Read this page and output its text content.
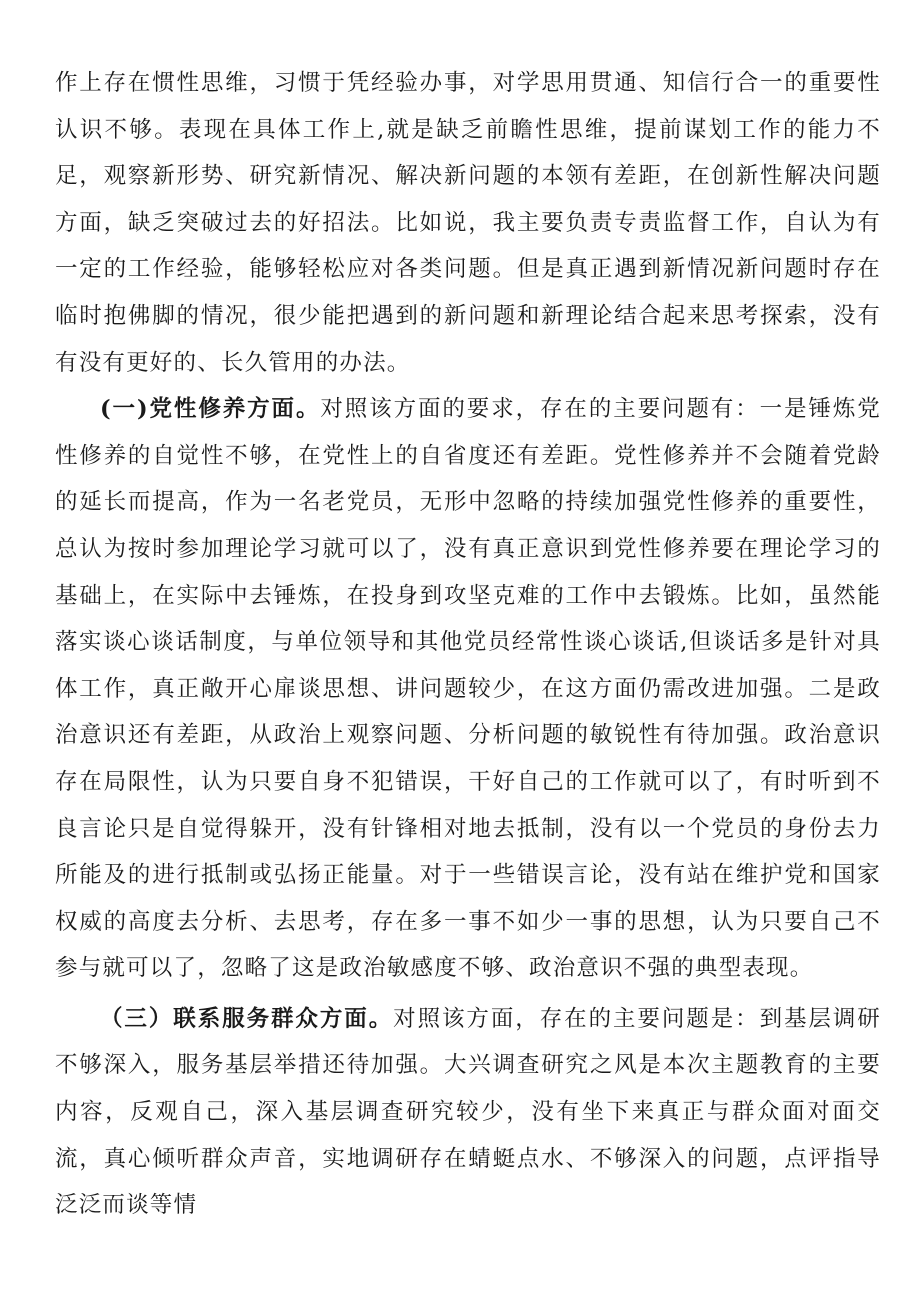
作上存在惯性思维，习惯于凭经验办事，对学思用贯通、知信行合一的重要性认识不够。表现在具体工作上,就是缺乏前瞻性思维，提前谋划工作的能力不足，观察新形势、研究新情况、解决新问题的本领有差距，在创新性解决问题方面，缺乏突破过去的好招法。比如说，我主要负责专责监督工作，自认为有一定的工作经验，能够轻松应对各类问题。但是真正遇到新情况新问题时存在临时抱佛脚的情况，很少能把遇到的新问题和新理论结合起来思考探索，没有有没有更好的、长久管用的办法。

(一)党性修养方面。对照该方面的要求，存在的主要问题有：一是锤炼党性修养的自觉性不够，在党性上的自省度还有差距。党性修养并不会随着党龄的延长而提高，作为一名老党员，无形中忽略的持续加强党性修养的重要性，总认为按时参加理论学习就可以了，没有真正意识到党性修养要在理论学习的基础上，在实际中去锤炼，在投身到攻坚克难的工作中去锻炼。比如，虽然能落实谈心谈话制度，与单位领导和其他党员经常性谈心谈话,但谈话多是针对具体工作，真正敞开心扉谈思想、讲问题较少，在这方面仍需改进加强。二是政治意识还有差距，从政治上观察问题、分析问题的敏锐性有待加强。政治意识存在局限性，认为只要自身不犯错误，干好自己的工作就可以了，有时听到不良言论只是自觉得躲开，没有针锋相对地去抵制，没有以一个党员的身份去力所能及的进行抵制或弘扬正能量。对于一些错误言论，没有站在维护党和国家权威的高度去分析、去思考，存在多一事不如少一事的思想，认为只要自己不参与就可以了，忽略了这是政治敏感度不够、政治意识不强的典型表现。

（三）联系服务群众方面。对照该方面，存在的主要问题是：到基层调研不够深入，服务基层举措还待加强。大兴调查研究之风是本次主题教育的主要内容，反观自己，深入基层调查研究较少，没有坐下来真正与群众面对面交流，真心倾听群众声音，实地调研存在蜻蜓点水、不够深入的问题，点评指导泛泛而谈等情
